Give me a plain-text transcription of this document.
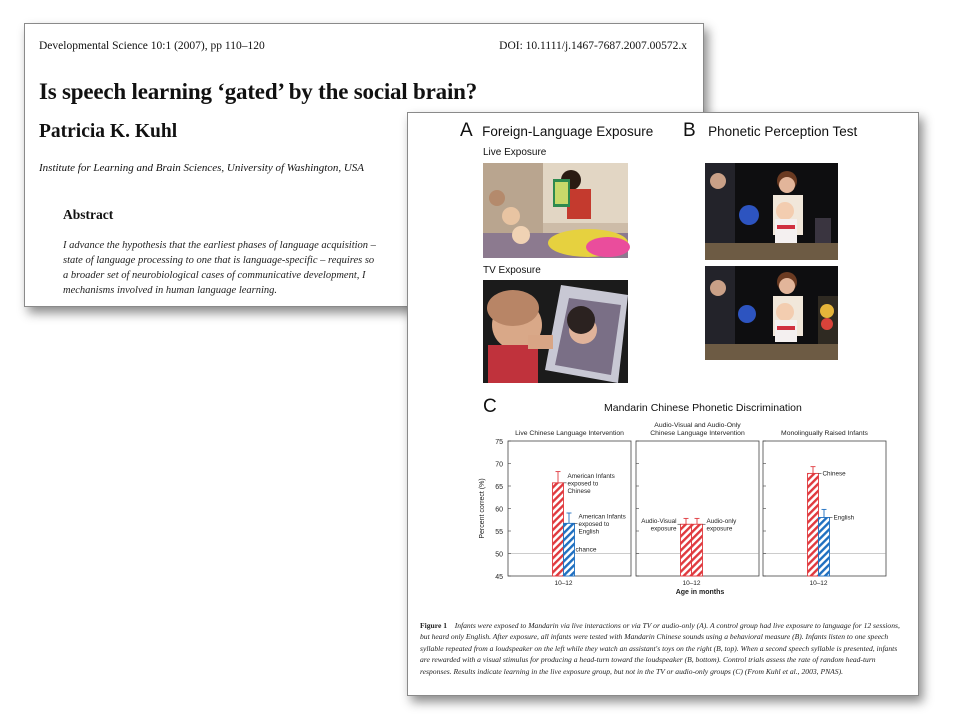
Developmental Science 10:1 (2007), pp 110–120	DOI: 10.1111/j.1467-7687.2007.00572.x
Is speech learning ‘gated’ by the social brain?
Patricia K. Kuhl
Institute for Learning and Brain Sciences, University of Washington, USA
Abstract
I advance the hypothesis that the earliest phases of language acquisition –
state of language processing to one that is language-specific – requires so
a broader set of neurobiological cases of communicative development, I
mechanisms involved in human language learning.
A Foreign-Language Exposure B Phonetic Perception Test
Live Exposure
TV Exposure
C	Mandarin Chinese Phonetic Discrimination
45
50
55
60
65
70
75
Percent correct (%)
Live Chinese Language Intervention
chance
American Infants
exposed to
Chinese
American Infants
exposed to
English
10–12
Audio-Visual and Audio-Only
Chinese Language Intervention
Audio-Visual
exposure
Audio-only
exposure
10–12
Monolingually Raised Infants
Chinese
English
10–12
Age in months
Figure 1 Infants were exposed to Mandarin via live interactions or via TV or audio-only (A). A control group had live exposure to language for 12 sessions, but heard only English. After exposure, all infants were tested with Mandarin Chinese sounds using a behavioral measure (B). Infants listen to one speech syllable repeated from a loudspeaker on the left while they watch an assistant's toys on the right (B, top). When a second speech syllable is presented, infants are rewarded with a visual stimulus for producing a head-turn toward the loudspeaker (B, bottom). Control trials assess the rate of random head-turn responses. Results indicate learning in the live exposure group, but not in the TV or audio-only groups (C) (From Kuhl et al., 2003, PNAS).
